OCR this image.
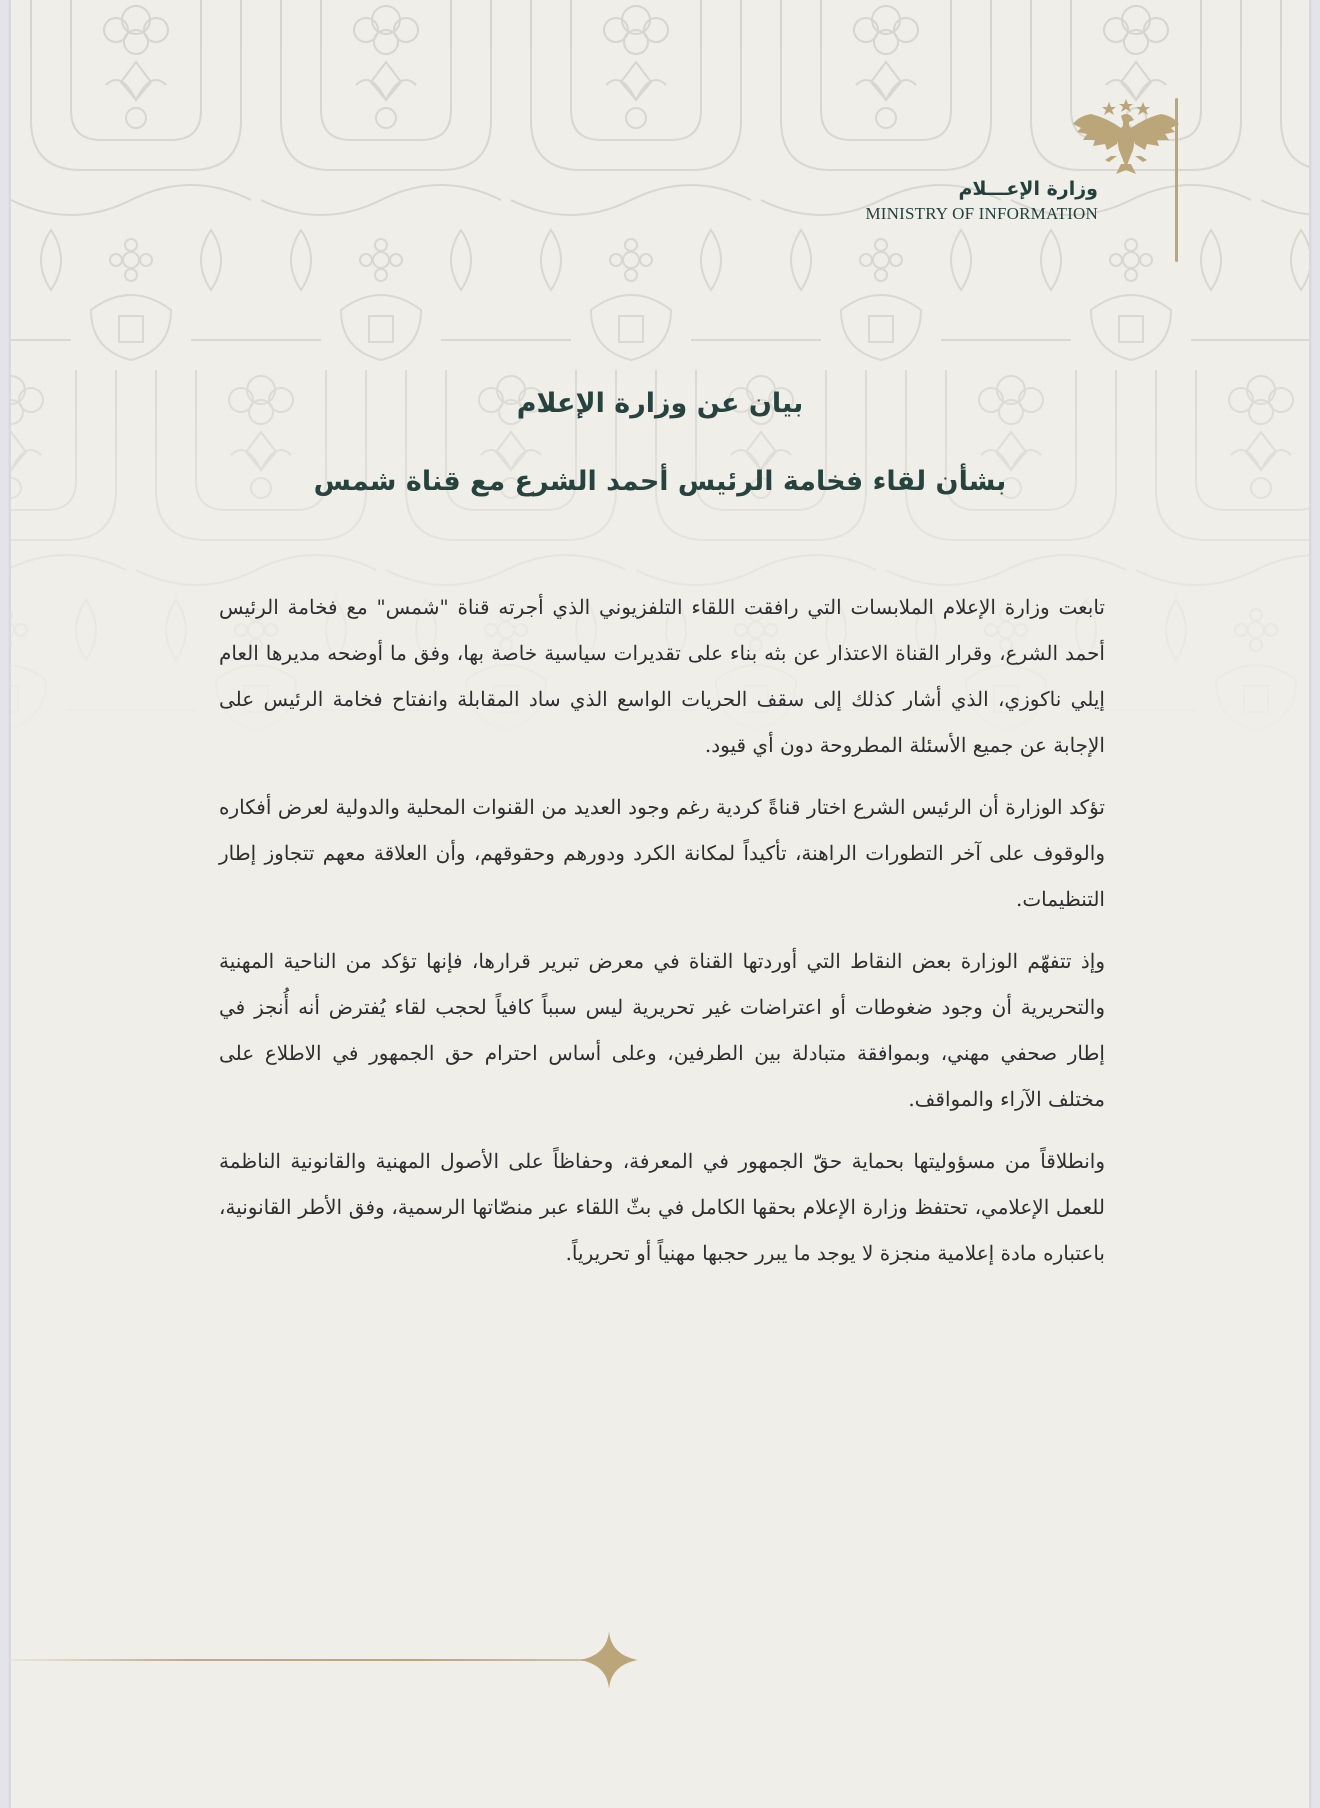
وزارة الإعـــلام
MINISTRY OF INFORMATION
بيان عن وزارة الإعلام
بشأن لقاء فخامة الرئيس أحمد الشرع مع قناة شمس

تابعت وزارة الإعلام الملابسات التي رافقت اللقاء التلفزيوني الذي أجرته قناة "شمس" مع فخامة الرئيس أحمد الشرع، وقرار القناة الاعتذار عن بثه بناء على تقديرات سياسية خاصة بها، وفق ما أوضحه مديرها العام إيلي ناكوزي، الذي أشار كذلك إلى سقف الحريات الواسع الذي ساد المقابلة وانفتاح فخامة الرئيس على الإجابة عن جميع الأسئلة المطروحة دون أي قيود.

تؤكد الوزارة أن الرئيس الشرع اختار قناةً كردية رغم وجود العديد من القنوات المحلية والدولية لعرض أفكاره والوقوف على آخر التطورات الراهنة، تأكيداً لمكانة الكرد ودورهم وحقوقهم، وأن العلاقة معهم تتجاوز إطار التنظيمات.

وإذ تتفهّم الوزارة بعض النقاط التي أوردتها القناة في معرض تبرير قرارها، فإنها تؤكد من الناحية المهنية والتحريرية أن وجود ضغوطات أو اعتراضات غير تحريرية ليس سبباً كافياً لحجب لقاء يُفترض أنه أُنجز في إطار صحفي مهني، وبموافقة متبادلة بين الطرفين، وعلى أساس احترام حق الجمهور في الاطلاع على مختلف الآراء والمواقف.

وانطلاقاً من مسؤوليتها بحماية حقّ الجمهور في المعرفة، وحفاظاً على الأصول المهنية والقانونية الناظمة للعمل الإعلامي، تحتفظ وزارة الإعلام بحقها الكامل في بثّ اللقاء عبر منصّاتها الرسمية، وفق الأطر القانونية، باعتباره مادة إعلامية منجزة لا يوجد ما يبرر حجبها مهنياً أو تحريرياً.
